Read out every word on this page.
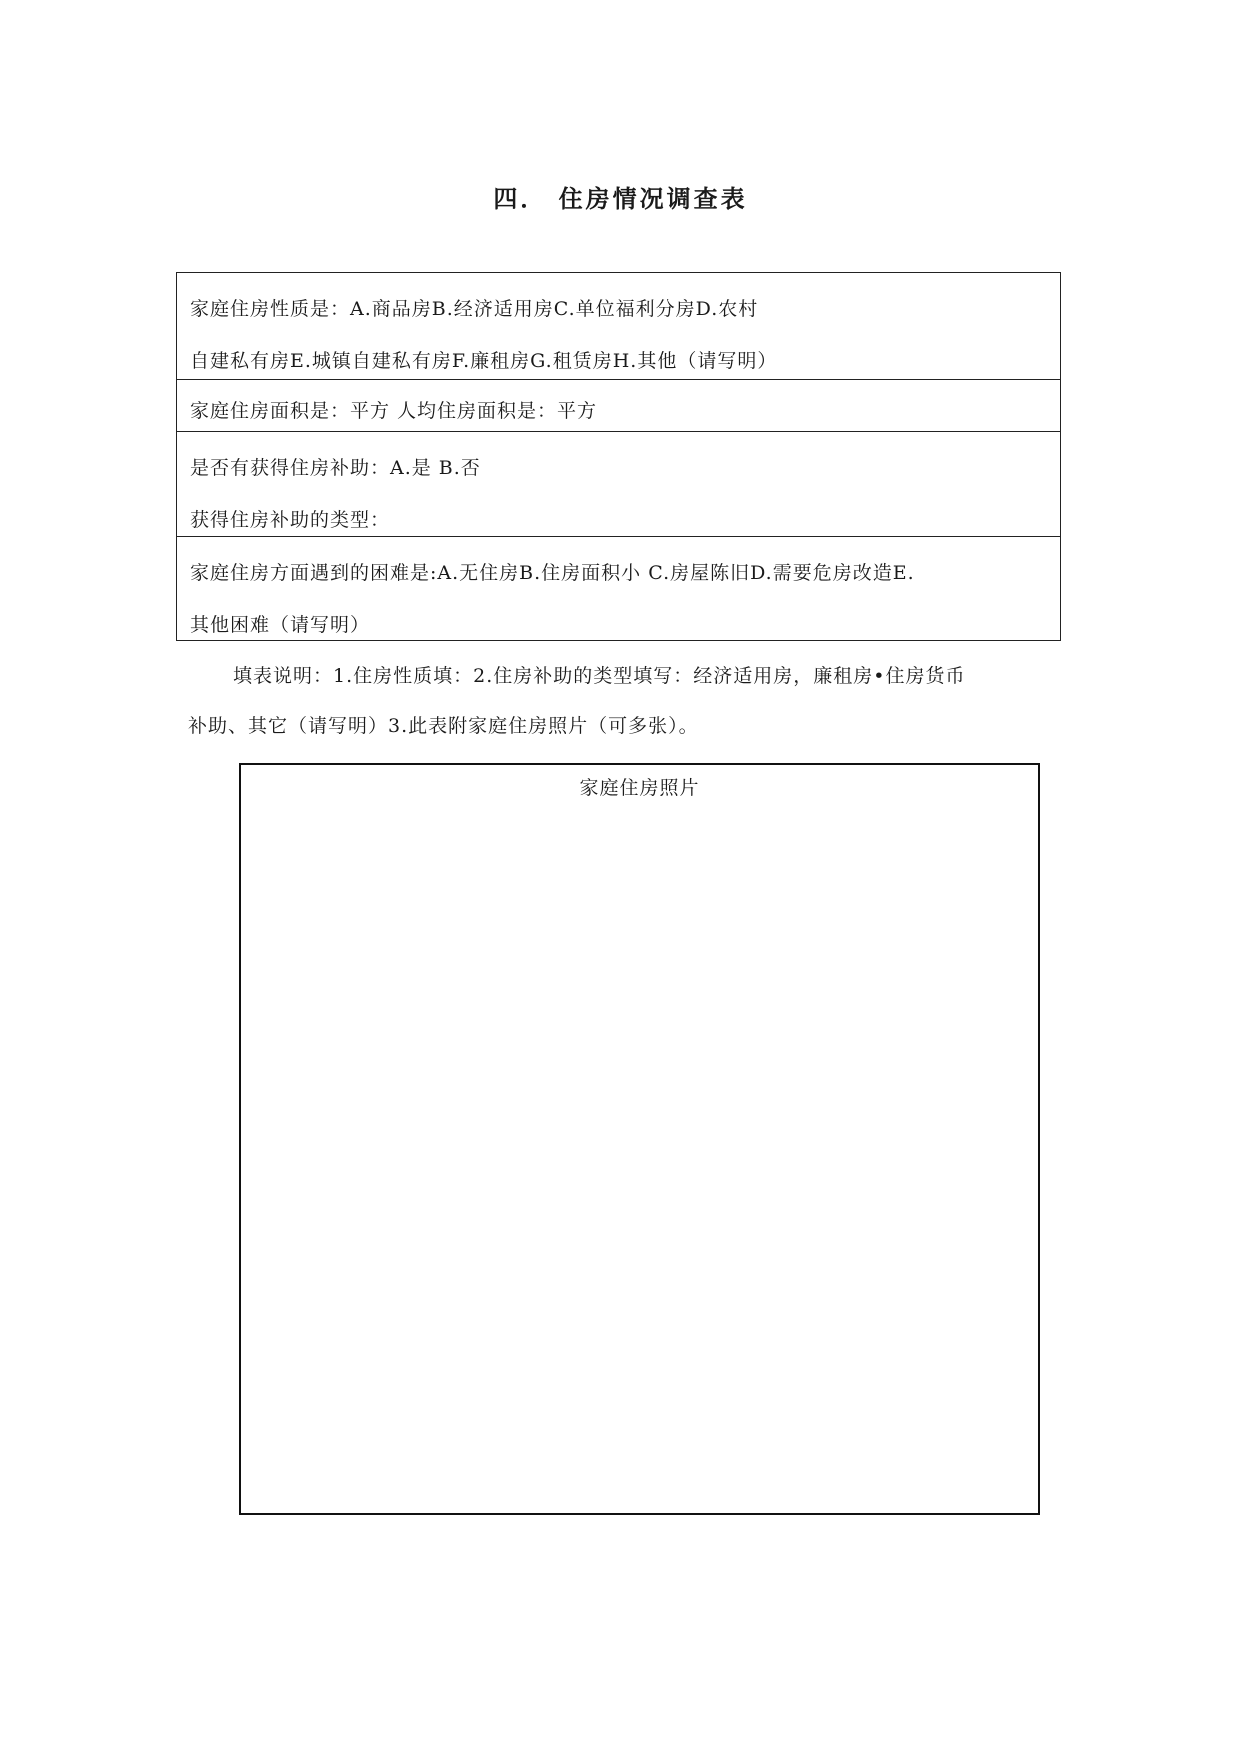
四． 住房情况调查表
家庭住房性质是：A.商品房B.经济适用房C.单位福利分房D.农村
自建私有房E.城镇自建私有房F.廉租房G.租赁房H.其他（请写明）
家庭住房面积是：平方 人均住房面积是：平方
是否有获得住房补助：A.是 B.否
获得住房补助的类型：
家庭住房方面遇到的困难是:A.无住房B.住房面积小 C.房屋陈旧D.需要危房改造E.
其他困难（请写明）
填表说明：1.住房性质填：2.住房补助的类型填写：经济适用房，廉租房•住房货币
补助、其它（请写明）3.此表附家庭住房照片（可多张）。
家庭住房照片
